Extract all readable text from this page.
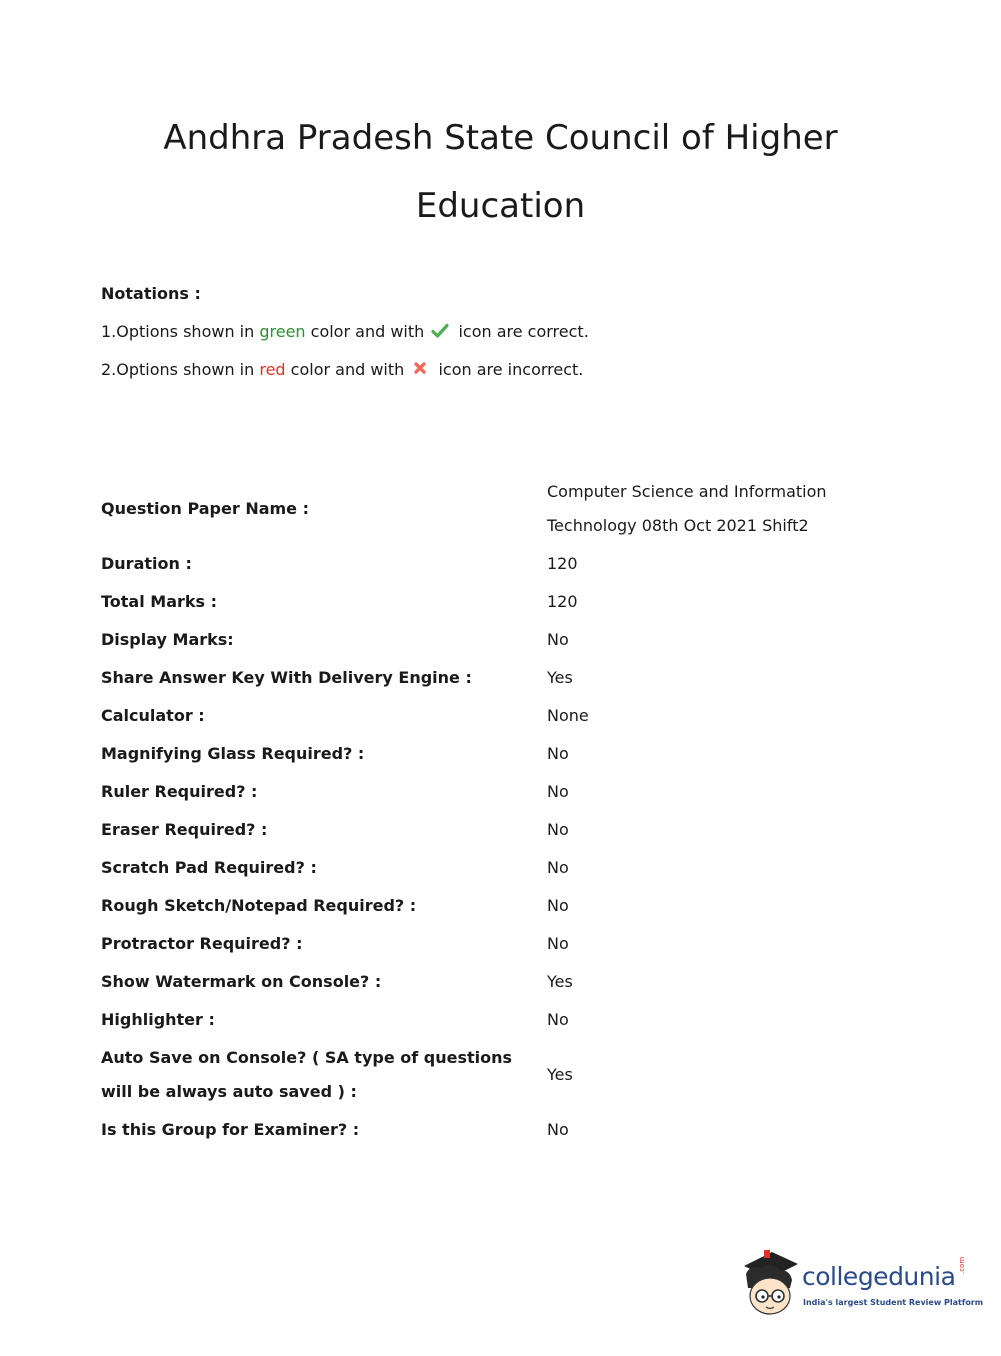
Andhra Pradesh State Council of Higher
Education
Notations :
1.Options shown in green color and with  icon are correct.
2.Options shown in red color and with  icon are incorrect.
Question Paper Name :	Computer Science and Information Technology 08th Oct 2021 Shift2
Duration :	120
Total Marks :	120
Display Marks:	No
Share Answer Key With Delivery Engine :	Yes
Calculator :	None
Magnifying Glass Required? :	No
Ruler Required? :	No
Eraser Required? :	No
Scratch Pad Required? :	No
Rough Sketch/Notepad Required? :	No
Protractor Required? :	No
Show Watermark on Console? :	Yes
Highlighter :	No
Auto Save on Console? ( SA type of questions will be always auto saved ) :	Yes
Is this Group for Examiner? :	No
collegedunia .com
India's largest Student Review Platform
